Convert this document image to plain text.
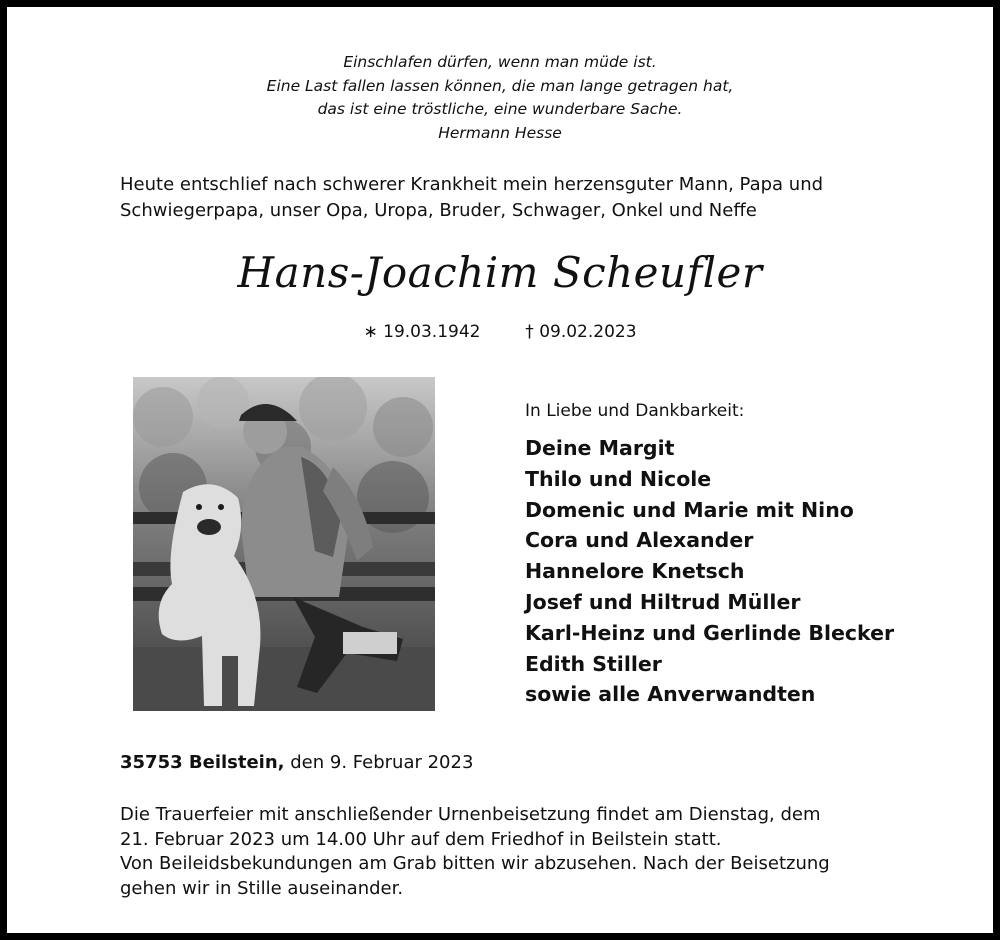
Einschlafen dürfen, wenn man müde ist.
Eine Last fallen lassen können, die man lange getragen hat,
das ist eine tröstliche, eine wunderbare Sache.
Hermann Hesse
Heute entschlief nach schwerer Krankheit mein herzensguter Mann, Papa und
Schwiegerpapa, unser Opa, Uropa, Bruder, Schwager, Onkel und Neffe
Hans-Joachim Scheufler
∗ 19.03.1942	† 09.02.2023
In Liebe und Dankbarkeit:
Deine Margit
Thilo und Nicole
Domenic und Marie mit Nino
Cora und Alexander
Hannelore Knetsch
Josef und Hiltrud Müller
Karl-Heinz und Gerlinde Blecker
Edith Stiller
sowie alle Anverwandten
35753 Beilstein, den 9. Februar 2023
Die Trauerfeier mit anschließender Urnenbeisetzung findet am Dienstag, dem
21. Februar 2023 um 14.00 Uhr auf dem Friedhof in Beilstein statt.
Von Beileidsbekundungen am Grab bitten wir abzusehen. Nach der Beisetzung
gehen wir in Stille auseinander.
